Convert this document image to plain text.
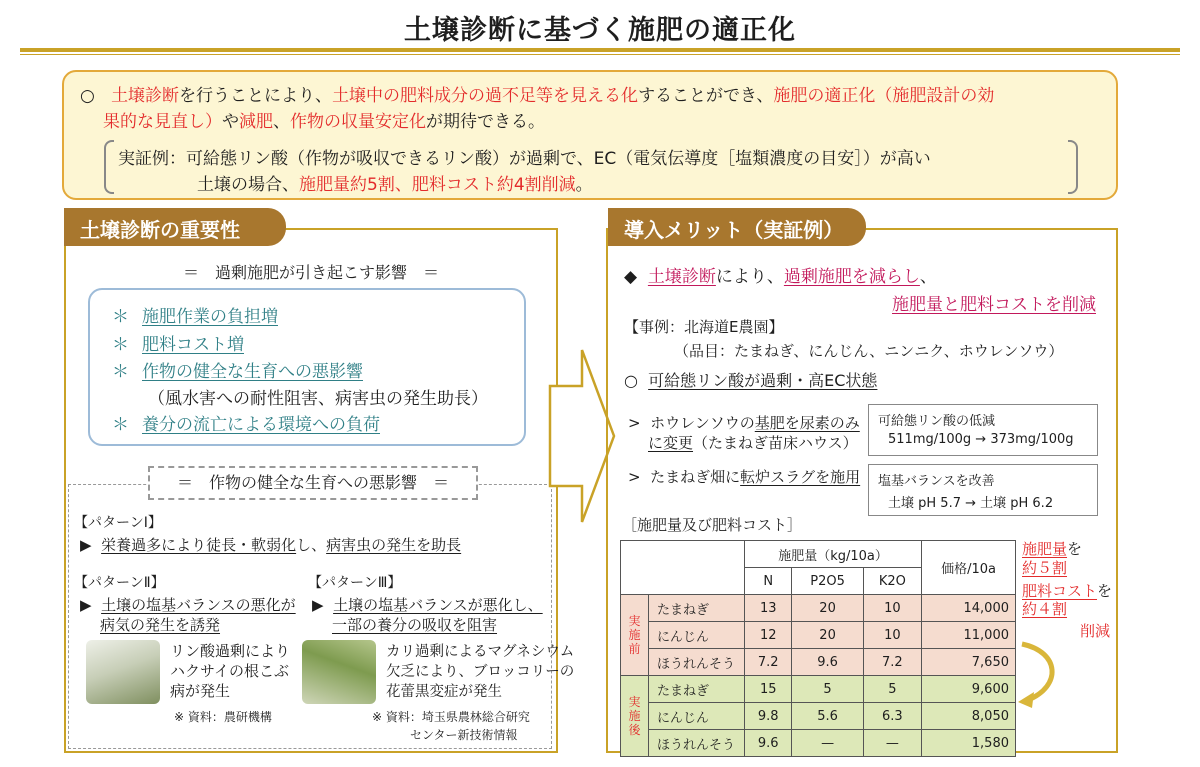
土壌診断に基づく施肥の適正化
○ 土壌診断を行うことにより、土壌中の肥料成分の過不足等を見える化することができ、施肥の適正化（施肥設計の効
果的な見直し）や減肥、作物の収量安定化が期待できる。
実証例：可給態リン酸（作物が吸収できるリン酸）が過剰で、EC（電気伝導度［塩類濃度の目安］）が高い
土壌の場合、施肥量約5割、肥料コスト約4割削減。
土壌診断の重要性
＝　過剰施肥が引き起こす影響　＝
＊ 施肥作業の負担増
＊ 肥料コスト増
＊ 作物の健全な生育への悪影響
（風水害への耐性阻害、病害虫の発生助長）
＊ 養分の流亡による環境への負荷
＝　作物の健全な生育への悪影響　＝
【パターンⅠ】
▶ 栄養過多により徒長・軟弱化し、病害虫の発生を助長
【パターンⅡ】
▶ 土壌の塩基バランスの悪化が
病気の発生を誘発
リン酸過剰により
ハクサイの根こぶ
病が発生
※ 資料：農研機構
【パターンⅢ】
▶ 土壌の塩基バランスが悪化し、
一部の養分の吸収を阻害
カリ過剰によるマグネシウム
欠乏により、ブロッコリーの
花蕾黒変症が発生
※ 資料：埼玉県農林総合研究
センター新技術情報
導入メリット（実証例）
◆ 土壌診断により、過剰施肥を減らし、
施肥量と肥料コストを削減
【事例：北海道E農園】
（品目：たまねぎ、にんじん、ニンニク、ホウレンソウ）
○ 可給態リン酸が過剰・高EC状態
> ホウレンソウの基肥を尿素のみ
に変更（たまねぎ苗床ハウス）
> たまねぎ畑に転炉スラグを施用
可給態リン酸の低減
511mg/100g → 373mg/100g
塩基バランスを改善
土壌 pH 5.7 → 土壌 pH 6.2
［施肥量及び肥料コスト］
		施肥量（kg/10a）			価格/10a
		N	P2O5	K2O	
実施前	たまねぎ	13	20	10	14,000
	にんじん	12	20	10	11,000
	ほうれんそう	7.2	9.6	7.2	7,650
実施後	たまねぎ	15	5	5	9,600
	にんじん	9.8	5.6	6.3	8,050
	ほうれんそう	9.6	—	—	1,580
施肥量を
約５割
肥料コストを
約４割
削減
